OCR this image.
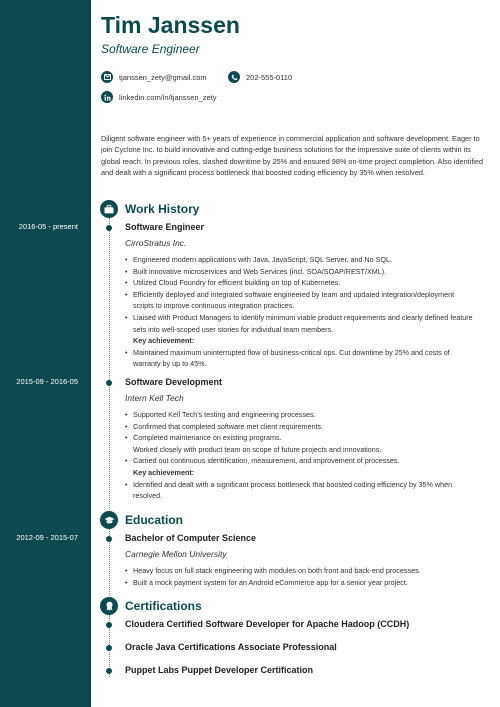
2016-05 - present
2015-09 - 2016-05
2012-09 - 2015-07
Tim Janssen
Software Engineer
tjanssen_zety@gmail.com	202-555-0110
linkedin.com/in/tjanssen_zety
Diligent software engineer with 5+ years of experience in commercial application and software development. Eager to join Cyclone Inc. to build innovative and cutting-edge business solutions for the impressive suite of clients within its global reach. In previous roles, slashed downtime by 25% and ensured 98% on-time project completion. Also identified and dealt with a significant process bottleneck that boosted coding efficiency by 35% when resolved.
Work History
Software Engineer
CirroStratus Inc.
• Engineered modern applications with Java, JavaScript, SQL Server, and No SQL.
• Built innovative microservices and Web Services (incl. SOA/SOAP/REST/XML).
• Utilized Cloud Foundry for efficient building on top of Kubernetes.
• Efficiently deployed and integrated software engineered by team and updated integration/deployment scripts to improve continuous integration practices.
• Liaised with Product Managers to identify minimum viable product requirements and clearly defined feature sets into well-scoped user stories for individual team members.
Key achievement:
• Maintained maximum uninterrupted flow of business-critical ops. Cut downtime by 25% and costs of warranty by up to 45%.
Software Development
Intern Kell Tech
• Supported Kell Tech's testing and engineering processes.
• Confirmed that completed software met client requirements.
• Completed maintenance on existing programs.
Worked closely with product team on scope of future projects and innovations.
• Carried out continuous identification, measurement, and improvement of processes.
Key achievement:
• Identified and dealt with a significant process bottleneck that boosted coding efficiency by 35% when resolved.
Education
Bachelor of Computer Science
Carnegie Mellon University
• Heavy focus on full stack engineering with modules on both front and back-end processes.
• Built a mock payment system for an Android eCommerce app for a senior year project.
Certifications
Cloudera Certified Software Developer for Apache Hadoop (CCDH)
Oracle Java Certifications Associate Professional
Puppet Labs Puppet Developer Certification
